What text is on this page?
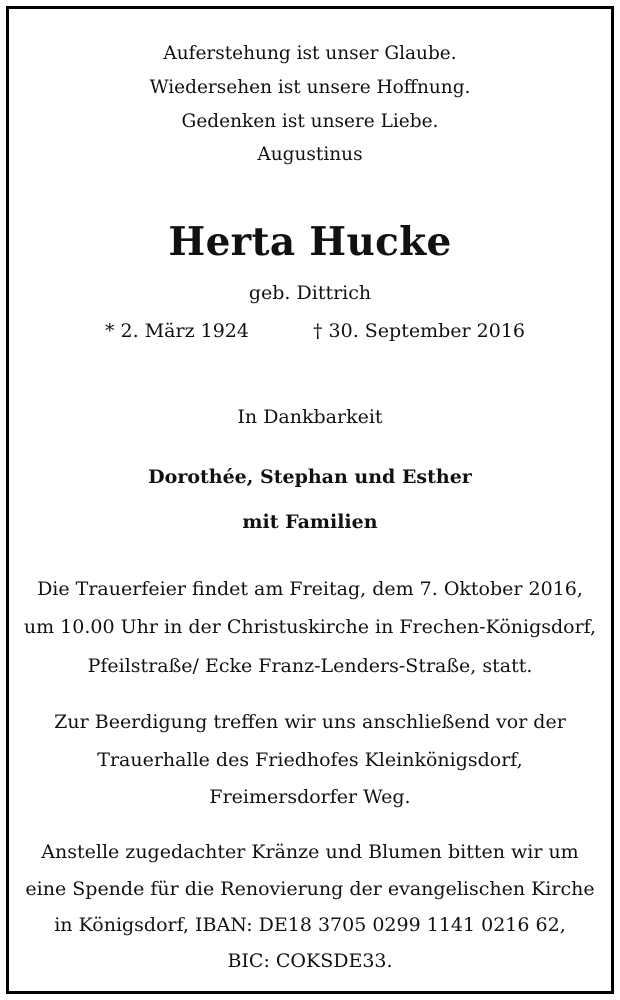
Auferstehung ist unser Glaube.
Wiedersehen ist unsere Hoffnung.
Gedenken ist unsere Liebe.
Augustinus
Herta Hucke
geb. Dittrich
* 2. März 1924	† 30. September 2016
In Dankbarkeit
Dorothée, Stephan und Esther
mit Familien
Die Trauerfeier findet am Freitag, dem 7. Oktober 2016,
um 10.00 Uhr in der Christuskirche in Frechen-Königsdorf,
Pfeilstraße/ Ecke Franz-Lenders-Straße, statt.
Zur Beerdigung treffen wir uns anschließend vor der
Trauerhalle des Friedhofes Kleinkönigsdorf,
Freimersdorfer Weg.
Anstelle zugedachter Kränze und Blumen bitten wir um
eine Spende für die Renovierung der evangelischen Kirche
in Königsdorf, IBAN: DE18 3705 0299 1141 0216 62,
BIC: COKSDE33.
